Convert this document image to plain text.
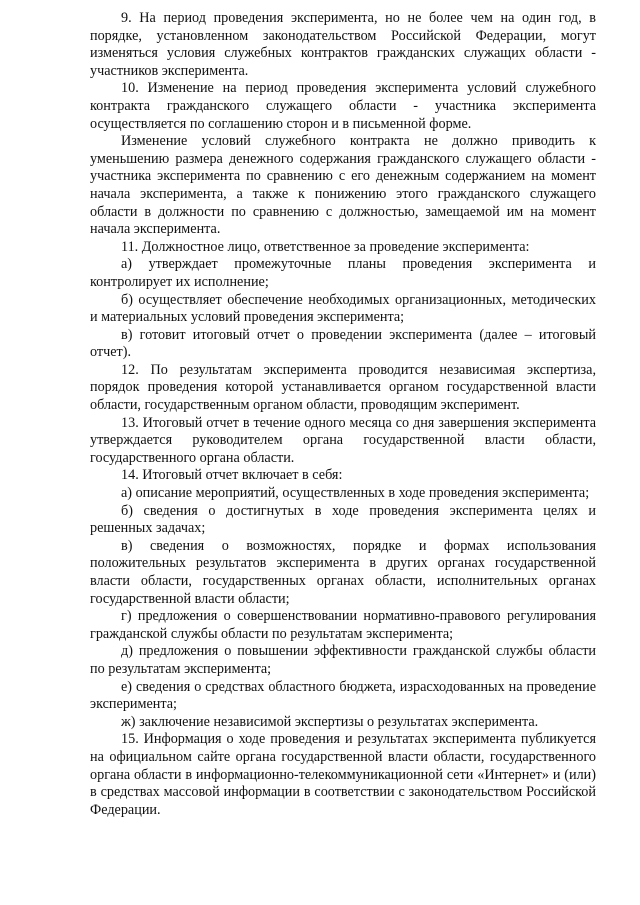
9. На период проведения эксперимента, но не более чем на один год, в порядке, установленном законодательством Российской Федерации, могут изменяться условия служебных контрактов гражданских служащих области - участников эксперимента.

10. Изменение на период проведения эксперимента условий служебного контракта гражданского служащего области - участника эксперимента осуществляется по соглашению сторон и в письменной форме.

Изменение условий служебного контракта не должно приводить к уменьшению размера денежного содержания гражданского служащего области - участника эксперимента по сравнению с его денежным содержанием на момент начала эксперимента, а также к понижению этого гражданского служащего области в должности по сравнению с должностью, замещаемой им на момент начала эксперимента.

11. Должностное лицо, ответственное за проведение эксперимента:

а) утверждает промежуточные планы проведения эксперимента и контролирует их исполнение;

б) осуществляет обеспечение необходимых организационных, методических и материальных условий проведения эксперимента;

в) готовит итоговый отчет о проведении эксперимента (далее – итоговый отчет).

12. По результатам эксперимента проводится независимая экспертиза, порядок проведения которой устанавливается органом государственной власти области, государственным органом области, проводящим эксперимент.

13. Итоговый отчет в течение одного месяца со дня завершения эксперимента утверждается руководителем органа государственной власти области, государственного органа области.

14. Итоговый отчет включает в себя:

а) описание мероприятий, осуществленных в ходе проведения эксперимента;

б) сведения о достигнутых в ходе проведения эксперимента целях и решенных задачах;

в) сведения о возможностях, порядке и формах использования положительных результатов эксперимента в других органах государственной власти области, государственных органах области, исполнительных органах государственной власти области;

г) предложения о совершенствовании нормативно-правового регулирования гражданской службы области по результатам эксперимента;

д) предложения о повышении эффективности гражданской службы области по результатам эксперимента;

е) сведения о средствах областного бюджета, израсходованных на проведение эксперимента;

ж) заключение независимой экспертизы о результатах эксперимента.

15. Информация о ходе проведения и результатах эксперимента публикуется на официальном сайте органа государственной власти области, государственного органа области в информационно-телекоммуникационной сети «Интернет» и (или) в средствах массовой информации в соответствии с законодательством Российской Федерации.
